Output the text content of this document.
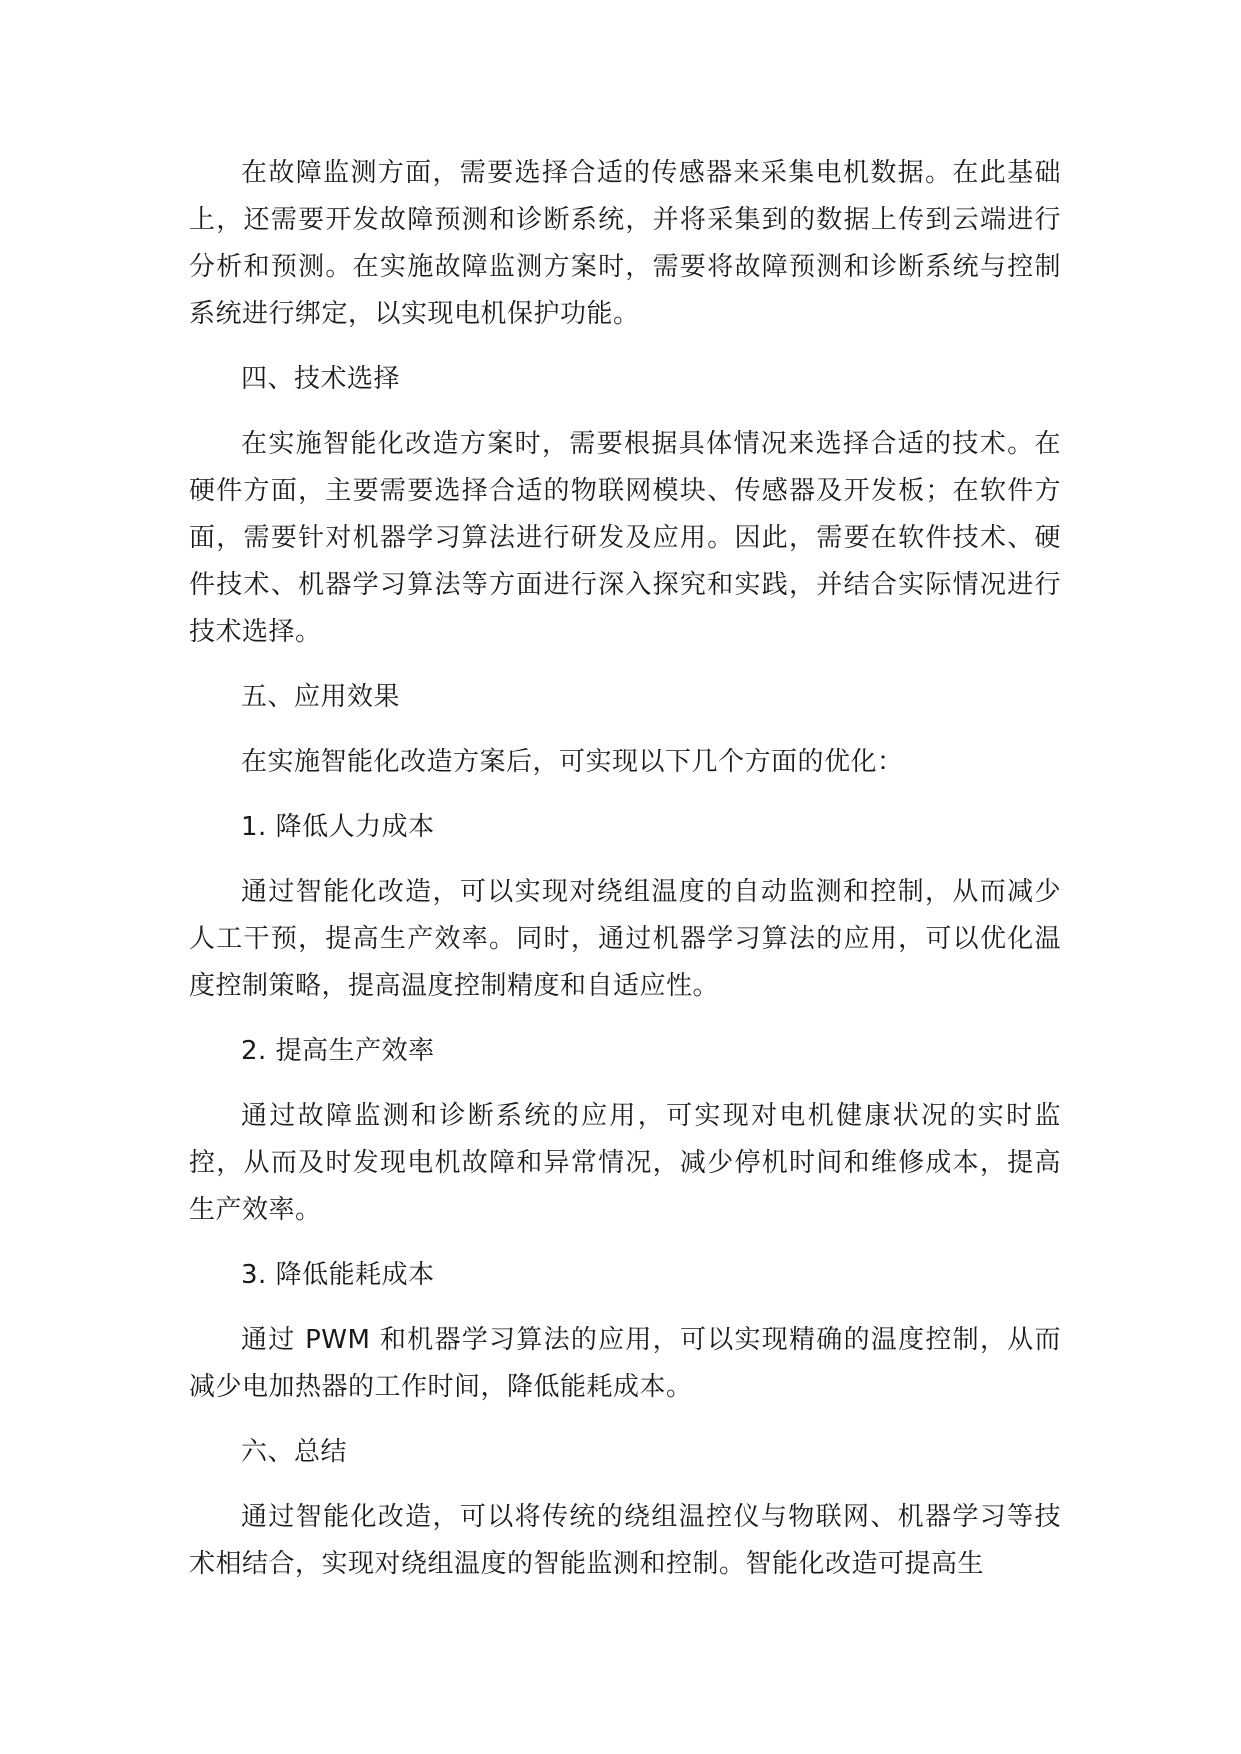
在故障监测方面，需要选择合适的传感器来采集电机数据。在此基础上，还需要开发故障预测和诊断系统，并将采集到的数据上传到云端进行分析和预测。在实施故障监测方案时，需要将故障预测和诊断系统与控制系统进行绑定，以实现电机保护功能。

四、技术选择

在实施智能化改造方案时，需要根据具体情况来选择合适的技术。在硬件方面，主要需要选择合适的物联网模块、传感器及开发板；在软件方面，需要针对机器学习算法进行研发及应用。因此，需要在软件技术、硬件技术、机器学习算法等方面进行深入探究和实践，并结合实际情况进行技术选择。

五、应用效果

在实施智能化改造方案后，可实现以下几个方面的优化：

1. 降低人力成本

通过智能化改造，可以实现对绕组温度的自动监测和控制，从而减少人工干预，提高生产效率。同时，通过机器学习算法的应用，可以优化温度控制策略，提高温度控制精度和自适应性。

2. 提高生产效率

通过故障监测和诊断系统的应用，可实现对电机健康状况的实时监控，从而及时发现电机故障和异常情况，减少停机时间和维修成本，提高生产效率。

3. 降低能耗成本

通过 PWM 和机器学习算法的应用，可以实现精确的温度控制，从而减少电加热器的工作时间，降低能耗成本。

六、总结

通过智能化改造，可以将传统的绕组温控仪与物联网、机器学习等技术相结合，实现对绕组温度的智能监测和控制。智能化改造可提高生
